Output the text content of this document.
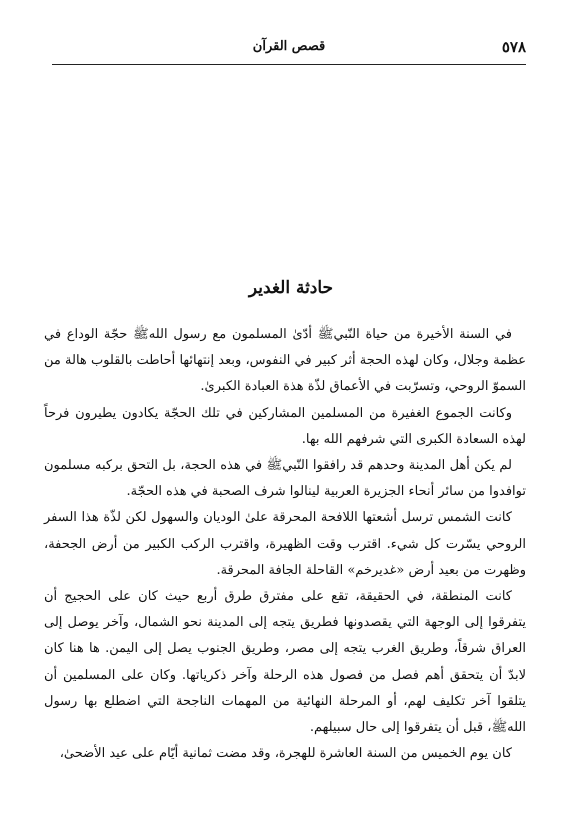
٥٧٨
قصص القرآن
حادثة الغدير

في السنة الأخيرة من حياة النّبيﷺ أدّىٰ المسلمون مع رسول اللهﷺ حجّة الوداع في عظمة وجلال، وكان لهذه الحجة أثر كبير في النفوس، وبعد إنتهائها أحاطت بالقلوب هالة من السموّ الروحي، وتسرّبت في الأعماق لذّة هذة العبادة الكبرىٰ.

وكانت الجموع الغفيرة من المسلمين المشاركين في تلك الحجّة يكادون يطيرون فرحاً لهذه السعادة الكبرى التي شرفهم الله بها.

لم يكن أهل المدينة وحدهم قد رافقوا النّبيﷺ في هذه الحجة، بل التحق بركبه مسلمون توافدوا من سائر أنحاء الجزيرة العربية لينالوا شرف الصحبة في هذه الحجّة.

كانت الشمس ترسل أشعتها اللافحة المحرقة علىٰ الوديان والسهول لكن لذّة هذا السفر الروحي يسّرت كل شيء. اقترب وقت الظهيرة، واقترب الركب الكبير من أرض الجحفة، وظهرت من بعيد أرض «غديرخم» القاحلة الجافة المحرقة.

كانت المنطقة، في الحقيقة، تقع على مفترق طرق أربع حيث كان على الحجيج أن يتفرقوا إلى الوجهة التي يقصدونها فطريق يتجه إلى المدينة نحو الشمال، وآخر يوصل إلى العراق شرقاً، وطريق الغرب يتجه إلى مصر، وطريق الجنوب يصل إلى اليمن. ها هنا كان لابدّ أن يتحقق أهم فصل من فصول هذه الرحلة وآخر ذكرياتها. وكان على المسلمين أن يتلقوا آخر تكليف لهم، أو المرحلة النهائية من المهمات الناجحة التي اضطلع بها رسول اللهﷺ، قبل أن يتفرقوا إلى حال سبيلهم.

كان يوم الخميس من السنة العاشرة للهجرة، وقد مضت ثمانية أيّام على عيد الأضحىٰ،
